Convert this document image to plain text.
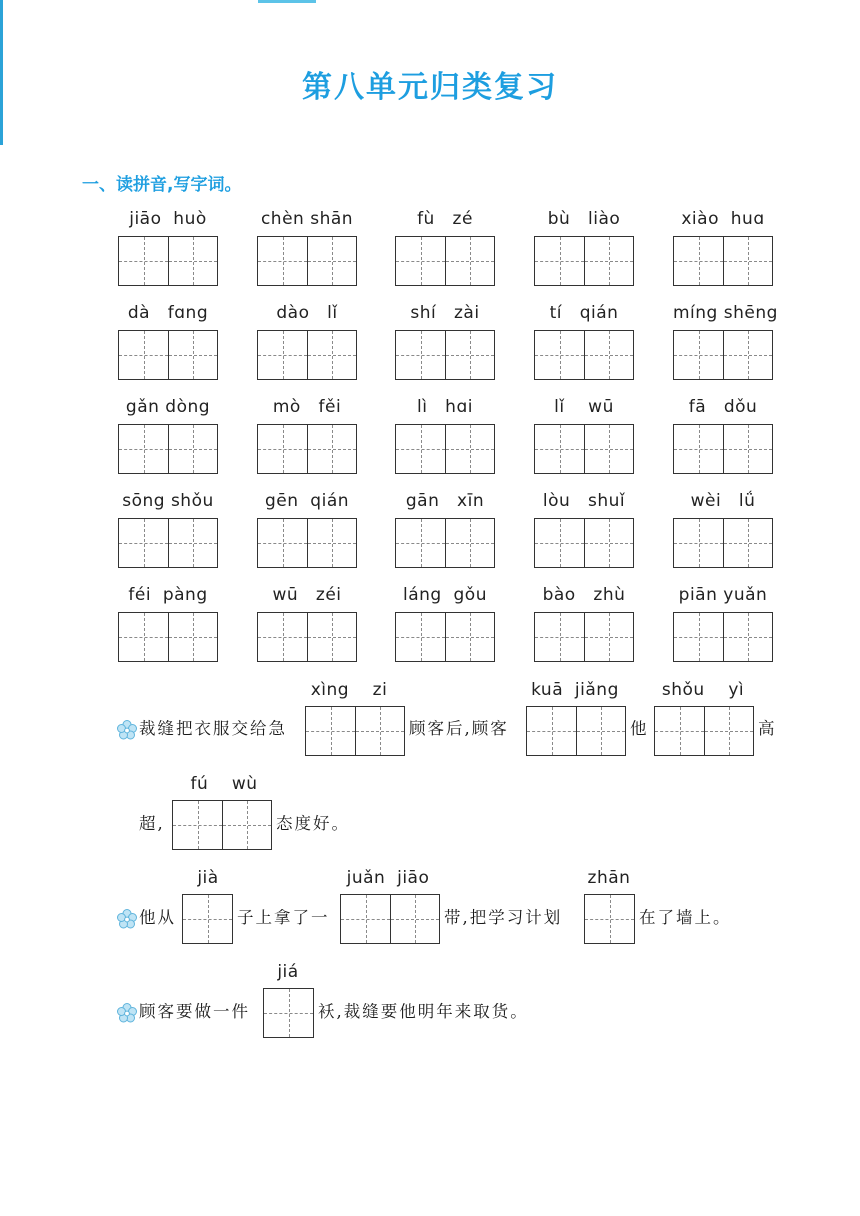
第八单元归类复习
一、读拼音,写字词。
jiāo  huò	chèn shān	fù   zé	bù   liào	xiào  huɑ
dà   fɑng	dào   lǐ	shí   zài	tí   qián	míng shēng
gǎn dòng	mò   fěi	lì   hɑi	lǐ    wū	fā   dǒu
sōng shǒu	gēn  qián	gān   xīn	lòu   shuǐ	wèi   lǘ
féi  pàng	wū   zéi	láng  gǒu	bào   zhù	piān yuǎn
xìng    zi	kuā  jiǎng	shǒu    yì
裁缝把衣服交给急	顾客后,顾客	他	高
fú    wù
超,	态度好。
jià	juǎn  jiāo	zhān
他从	子上拿了一	带,把学习计划	在了墙上。
jiá
顾客要做一件	袄,裁缝要他明年来取货。
